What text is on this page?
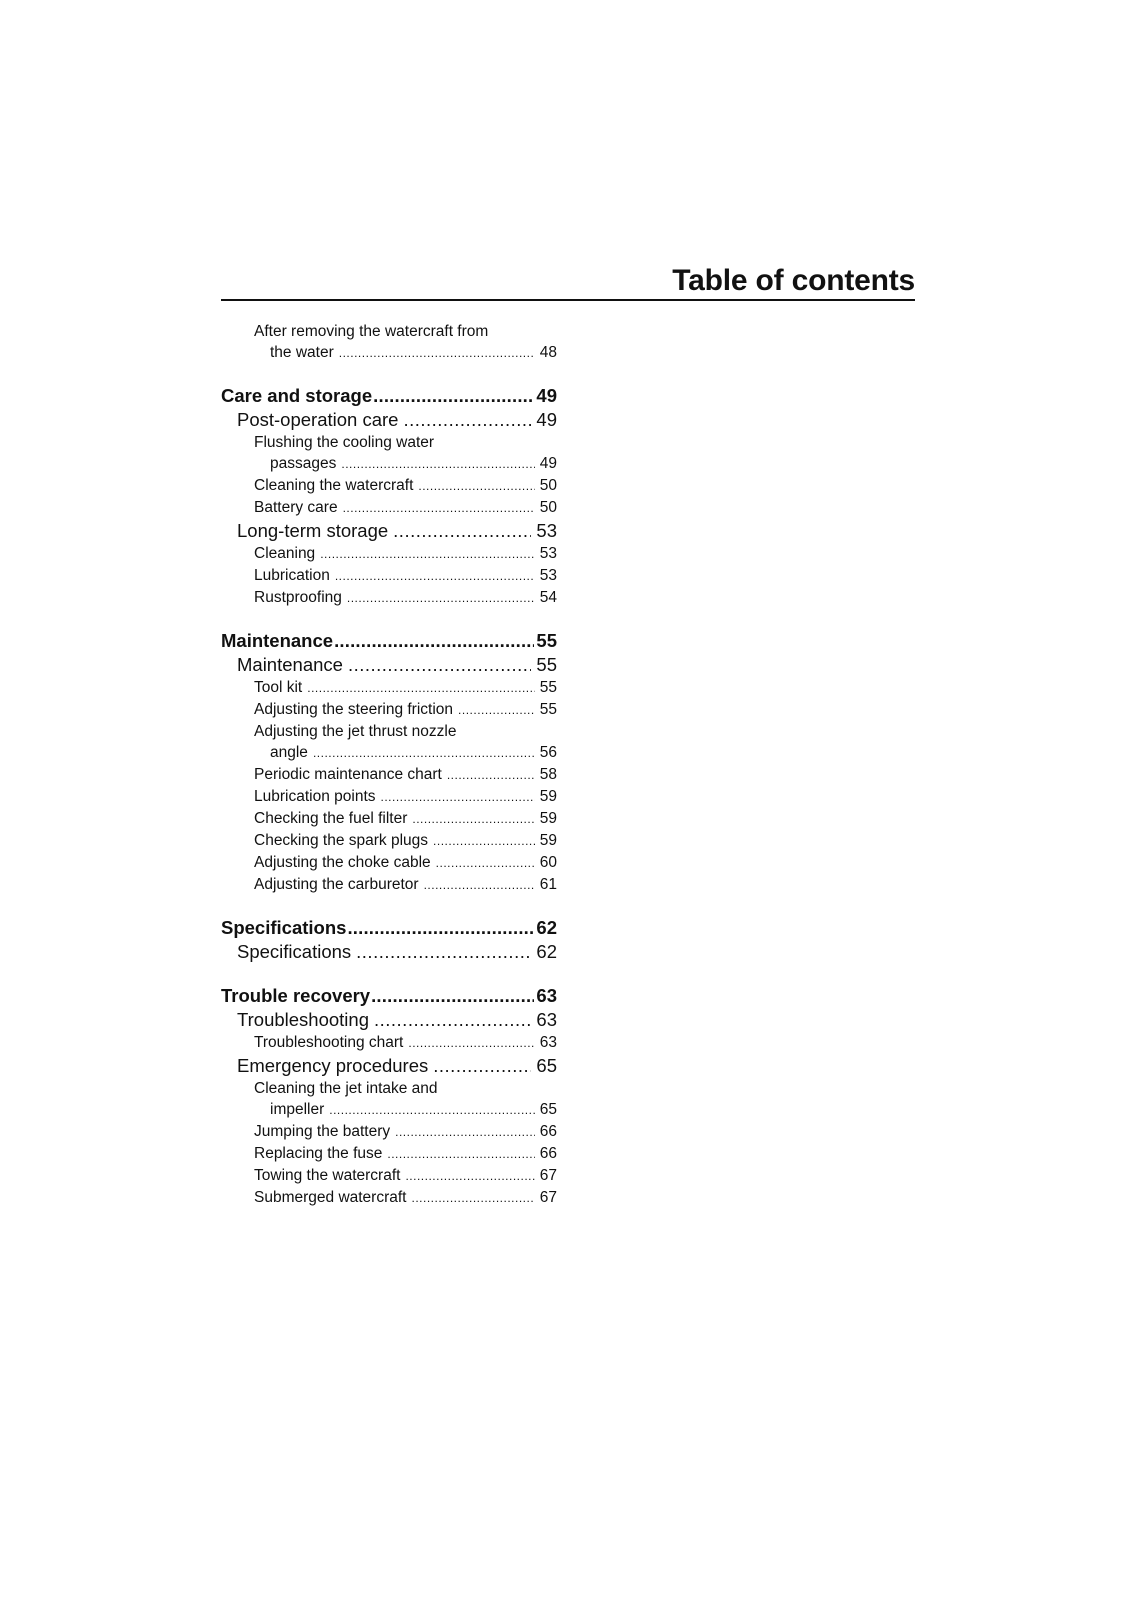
Table of contents
After removing the watercraft from
the water .....	48
Care and storage .....	49
Post-operation care .....	49
Flushing the cooling water
passages .....	49
Cleaning the watercraft .....	50
Battery care .....	50
Long-term storage .....	53
Cleaning .....	53
Lubrication .....	53
Rustproofing .....	54
Maintenance .....	55
Maintenance .....	55
Tool kit .....	55
Adjusting the steering friction .....	55
Adjusting the jet thrust nozzle
angle .....	56
Periodic maintenance chart .....	58
Lubrication points .....	59
Checking the fuel filter .....	59
Checking the spark plugs .....	59
Adjusting the choke cable .....	60
Adjusting the carburetor .....	61
Specifications .....	62
Specifications .....	62
Trouble recovery .....	63
Troubleshooting .....	63
Troubleshooting chart .....	63
Emergency procedures .....	65
Cleaning the jet intake and
impeller .....	65
Jumping the battery .....	66
Replacing the fuse .....	66
Towing the watercraft .....	67
Submerged watercraft .....	67
